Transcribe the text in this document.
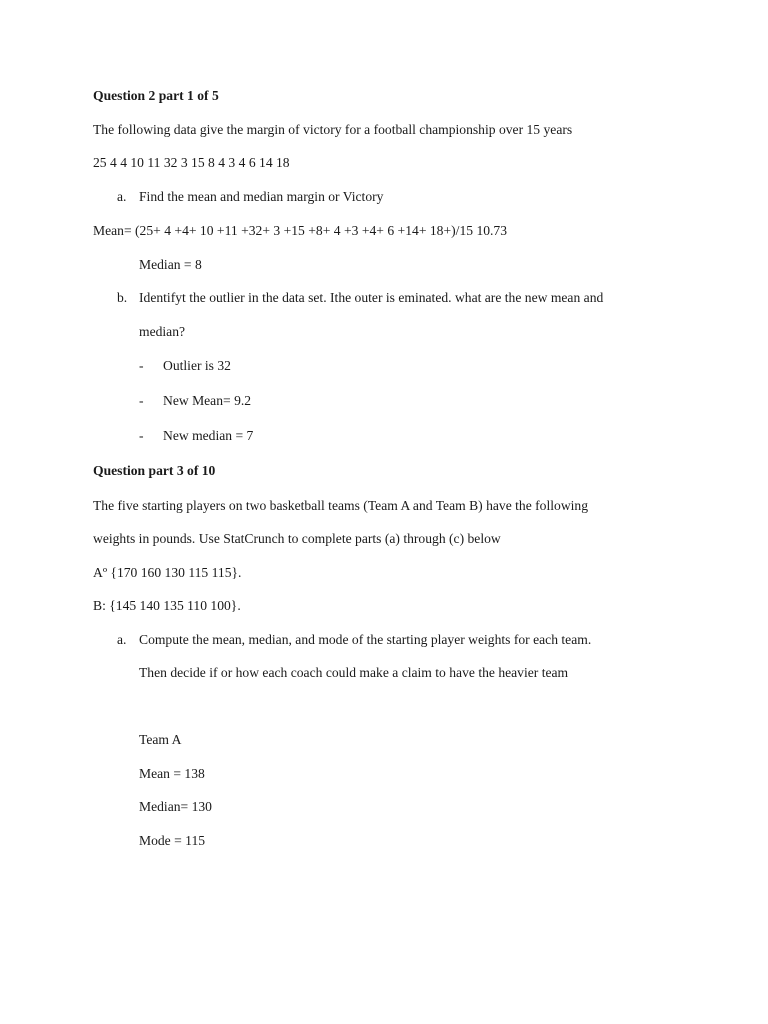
Question 2 part 1 of 5
The following data give the margin of victory for a football championship over 15 years
25 4 4 10 11 32 3 15 8 4 3 4 6 14 18
a. Find the mean and median margin or Victory
Mean= (25+ 4 +4+ 10 +11 +32+ 3 +15 +8+ 4 +3 +4+ 6 +14+ 18+)/15 10.73
Median = 8
b. Identifyt the outlier in the data set. Ithe outer is eminated. what are the new mean and
median?
- Outlier is 32
- New Mean= 9.2
- New median = 7
Question part 3 of 10
The five starting players on two basketball teams (Team A and Team B) have the following
weights in pounds. Use StatCrunch to complete parts (a) through (c) below
Aº {170 160 130 115 115}.
B: {145 140 135 110 100}.
a. Compute the mean, median, and mode of the starting player weights for each team.
Then decide if or how each coach could make a claim to have the heavier team
Team A
Mean = 138
Median= 130
Mode = 115
